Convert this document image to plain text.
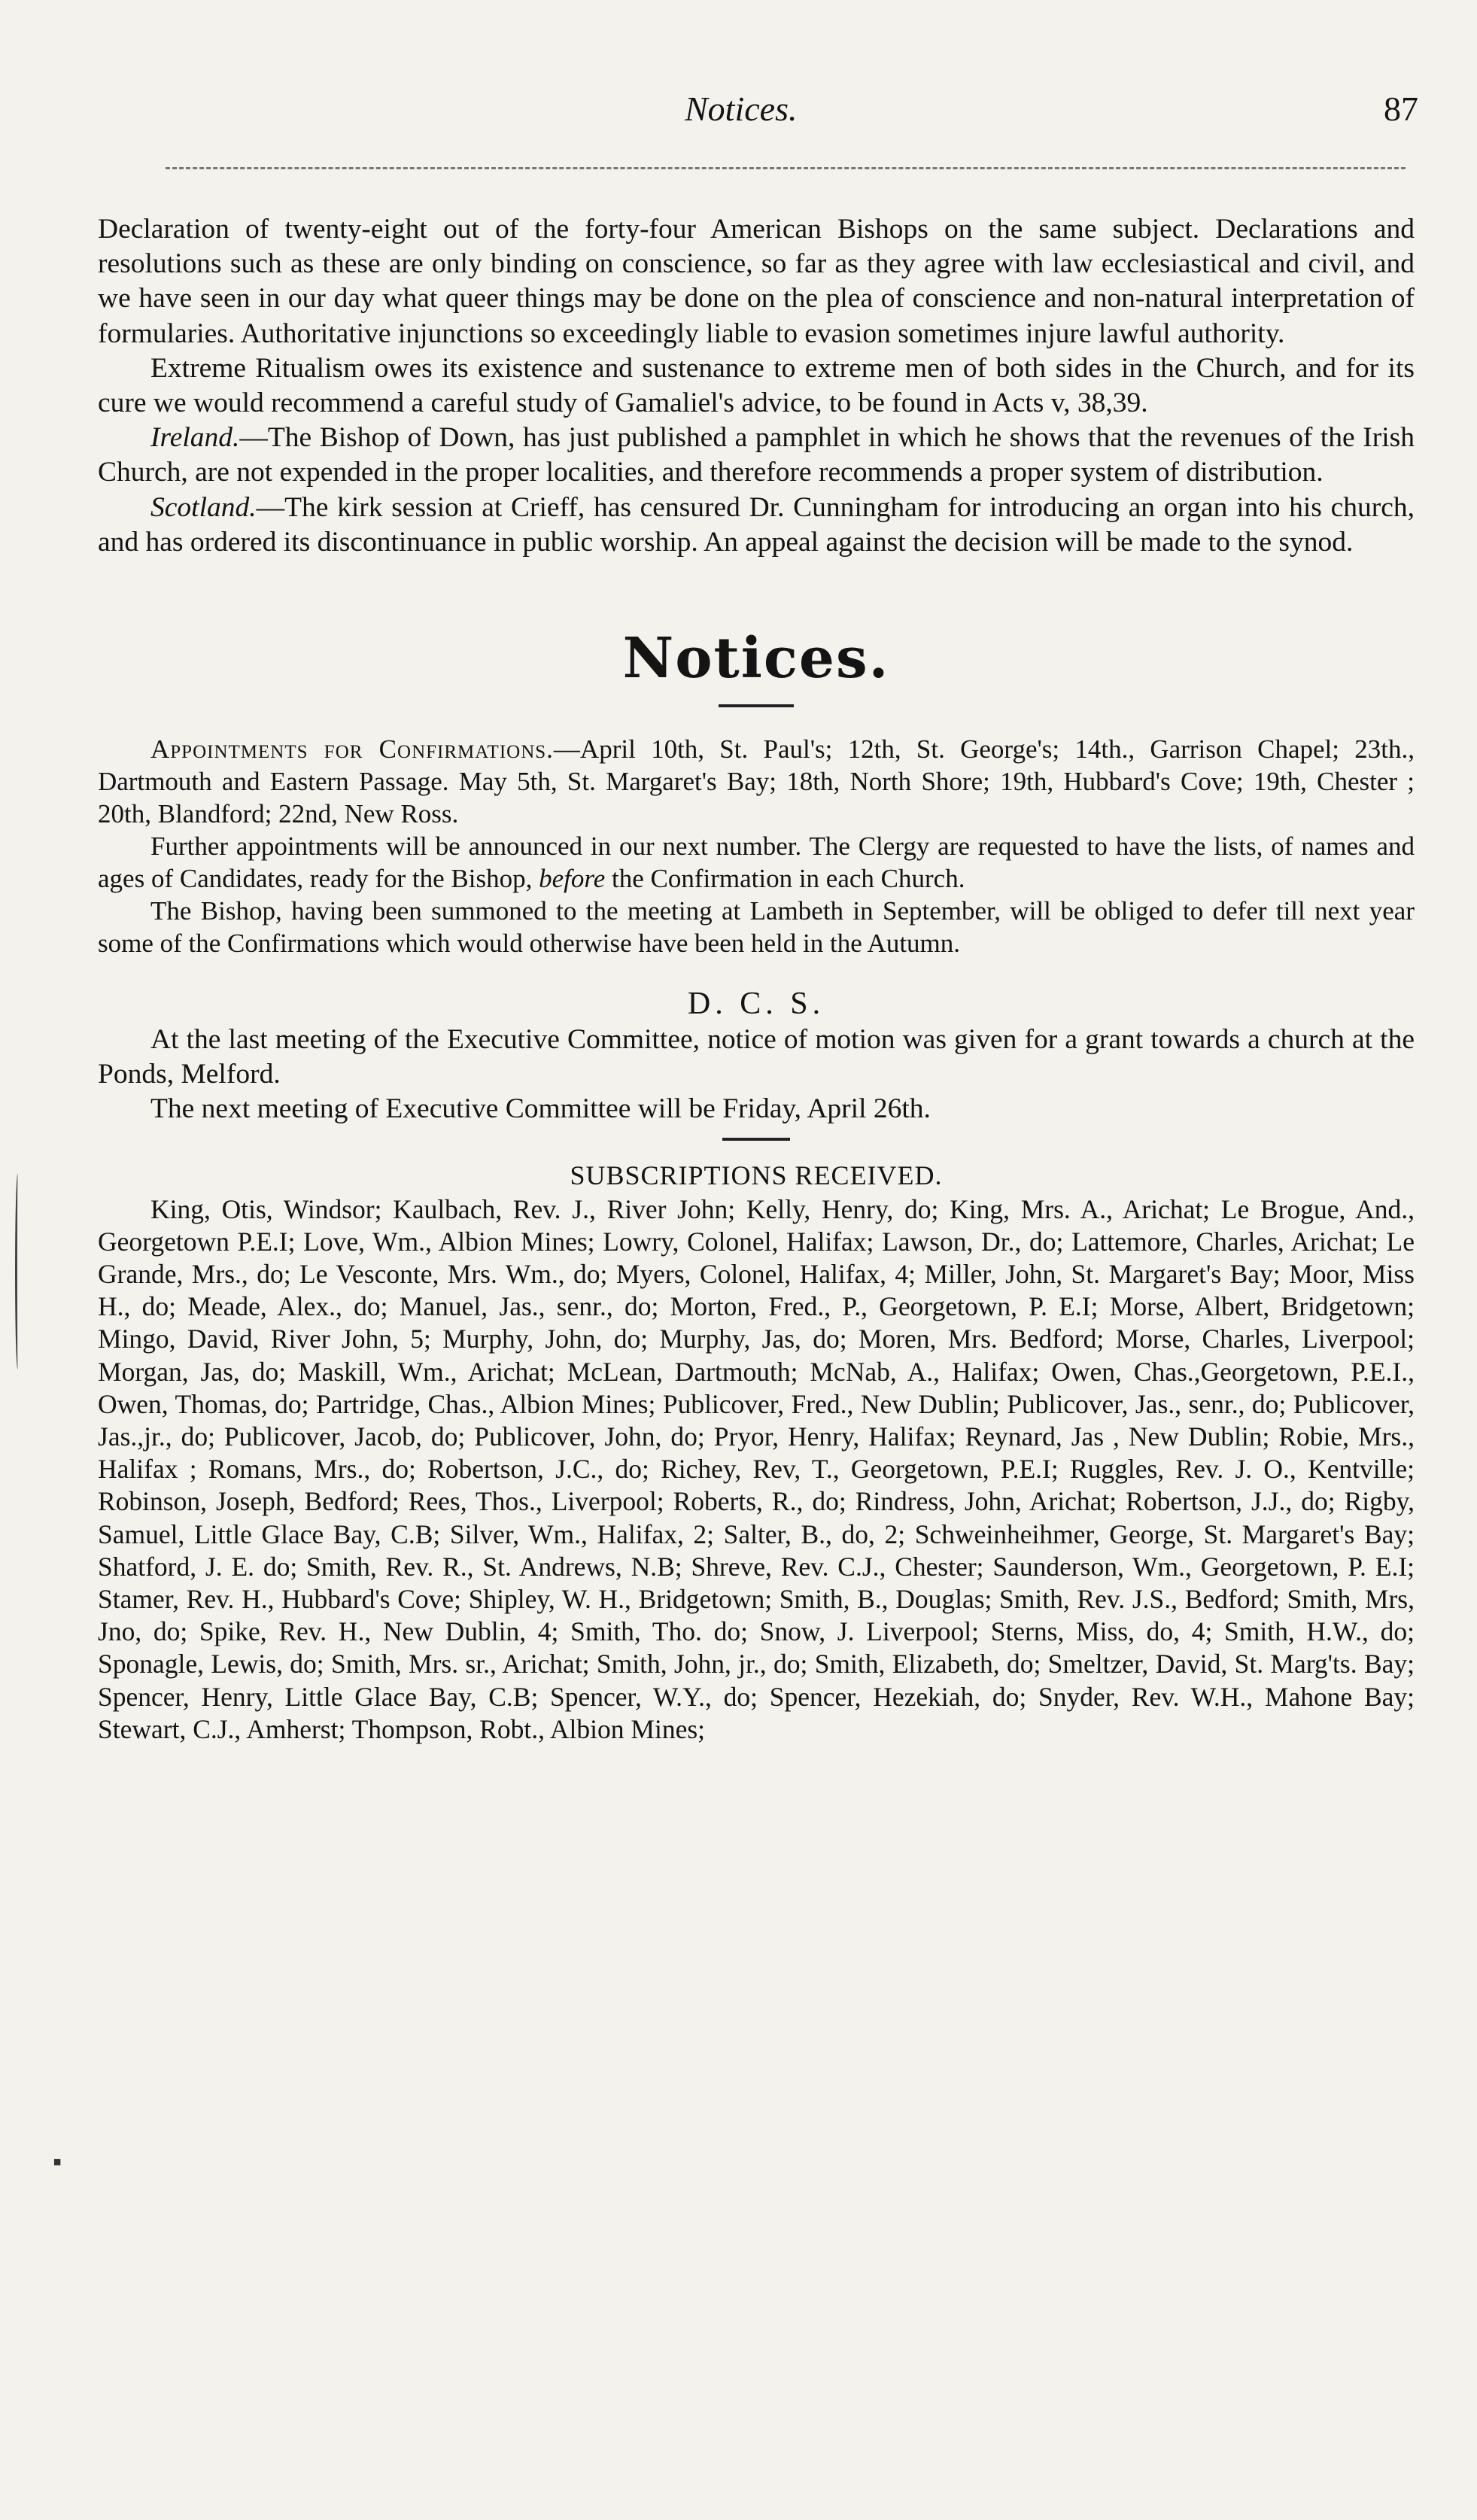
Notices.	87

Declaration of twenty-eight out of the forty-four American Bishops on the same subject. Declarations and resolutions such as these are only binding on conscience, so far as they agree with law ecclesiastical and civil, and we have seen in our day what queer things may be done on the plea of conscience and non-natural interpretation of formularies. Authoritative injunctions so exceedingly liable to evasion sometimes injure lawful authority.

Extreme Ritualism owes its existence and sustenance to extreme men of both sides in the Church, and for its cure we would recommend a careful study of Gamaliel's advice, to be found in Acts v, 38,39.

Ireland.—The Bishop of Down, has just published a pamphlet in which he shows that the revenues of the Irish Church, are not expended in the proper localities, and therefore recommends a proper system of distribution.

Scotland.—The kirk session at Crieff, has censured Dr. Cunningham for introducing an organ into his church, and has ordered its discontinuance in public worship. An appeal against the decision will be made to the synod.

Notices.

Appointments for Confirmations.—April 10th, St. Paul's; 12th, St. George's; 14th., Garrison Chapel; 23th., Dartmouth and Eastern Passage. May 5th, St. Margaret's Bay; 18th, North Shore; 19th, Hubbard's Cove; 19th, Chester ; 20th, Blandford; 22nd, New Ross.

Further appointments will be announced in our next number. The Clergy are requested to have the lists, of names and ages of Candidates, ready for the Bishop, before the Confirmation in each Church.

The Bishop, having been summoned to the meeting at Lambeth in September, will be obliged to defer till next year some of the Confirmations which would otherwise have been held in the Autumn.

D. C. S.

At the last meeting of the Executive Committee, notice of motion was given for a grant towards a church at the Ponds, Melford.

The next meeting of Executive Committee will be Friday, April 26th.

SUBSCRIPTIONS RECEIVED.

King, Otis, Windsor; Kaulbach, Rev. J., River John; Kelly, Henry, do; King, Mrs. A., Arichat; Le Brogue, And., Georgetown P.E.I; Love, Wm., Albion Mines; Lowry, Colonel, Halifax; Lawson, Dr., do; Lattemore, Charles, Arichat; Le Grande, Mrs., do; Le Vesconte, Mrs. Wm., do; Myers, Colonel, Halifax, 4; Miller, John, St. Margaret's Bay; Moor, Miss H., do; Meade, Alex., do; Manuel, Jas., senr., do; Morton, Fred., P., Georgetown, P. E.I; Morse, Albert, Bridgetown; Mingo, David, River John, 5; Murphy, John, do; Murphy, Jas, do; Moren, Mrs. Bedford; Morse, Charles, Liverpool; Morgan, Jas, do; Maskill, Wm., Arichat; McLean, Dartmouth; McNab, A., Halifax; Owen, Chas.,Georgetown, P.E.I., Owen, Thomas, do; Partridge, Chas., Albion Mines; Publicover, Fred., New Dublin; Publicover, Jas., senr., do; Publicover, Jas.,jr., do; Publicover, Jacob, do; Publicover, John, do; Pryor, Henry, Halifax; Reynard, Jas , New Dublin; Robie, Mrs., Halifax ; Romans, Mrs., do; Robertson, J.C., do; Richey, Rev, T., Georgetown, P.E.I; Ruggles, Rev. J. O., Kentville; Robinson, Joseph, Bedford; Rees, Thos., Liverpool; Roberts, R., do; Rindress, John, Arichat; Robertson, J.J., do; Rigby, Samuel, Little Glace Bay, C.B; Silver, Wm., Halifax, 2; Salter, B., do, 2; Schweinheihmer, George, St. Margaret's Bay; Shatford, J. E. do; Smith, Rev. R., St. Andrews, N.B; Shreve, Rev. C.J., Chester; Saunderson, Wm., Georgetown, P. E.I; Stamer, Rev. H., Hubbard's Cove; Shipley, W. H., Bridgetown; Smith, B., Douglas; Smith, Rev. J.S., Bedford; Smith, Mrs, Jno, do; Spike, Rev. H., New Dublin, 4; Smith, Tho. do; Snow, J. Liverpool; Sterns, Miss, do, 4; Smith, H.W., do; Sponagle, Lewis, do; Smith, Mrs. sr., Arichat; Smith, John, jr., do; Smith, Elizabeth, do; Smeltzer, David, St. Marg'ts. Bay; Spencer, Henry, Little Glace Bay, C.B; Spencer, W.Y., do; Spencer, Hezekiah, do; Snyder, Rev. W.H., Mahone Bay; Stewart, C.J., Amherst; Thompson, Robt., Albion Mines;

▪
